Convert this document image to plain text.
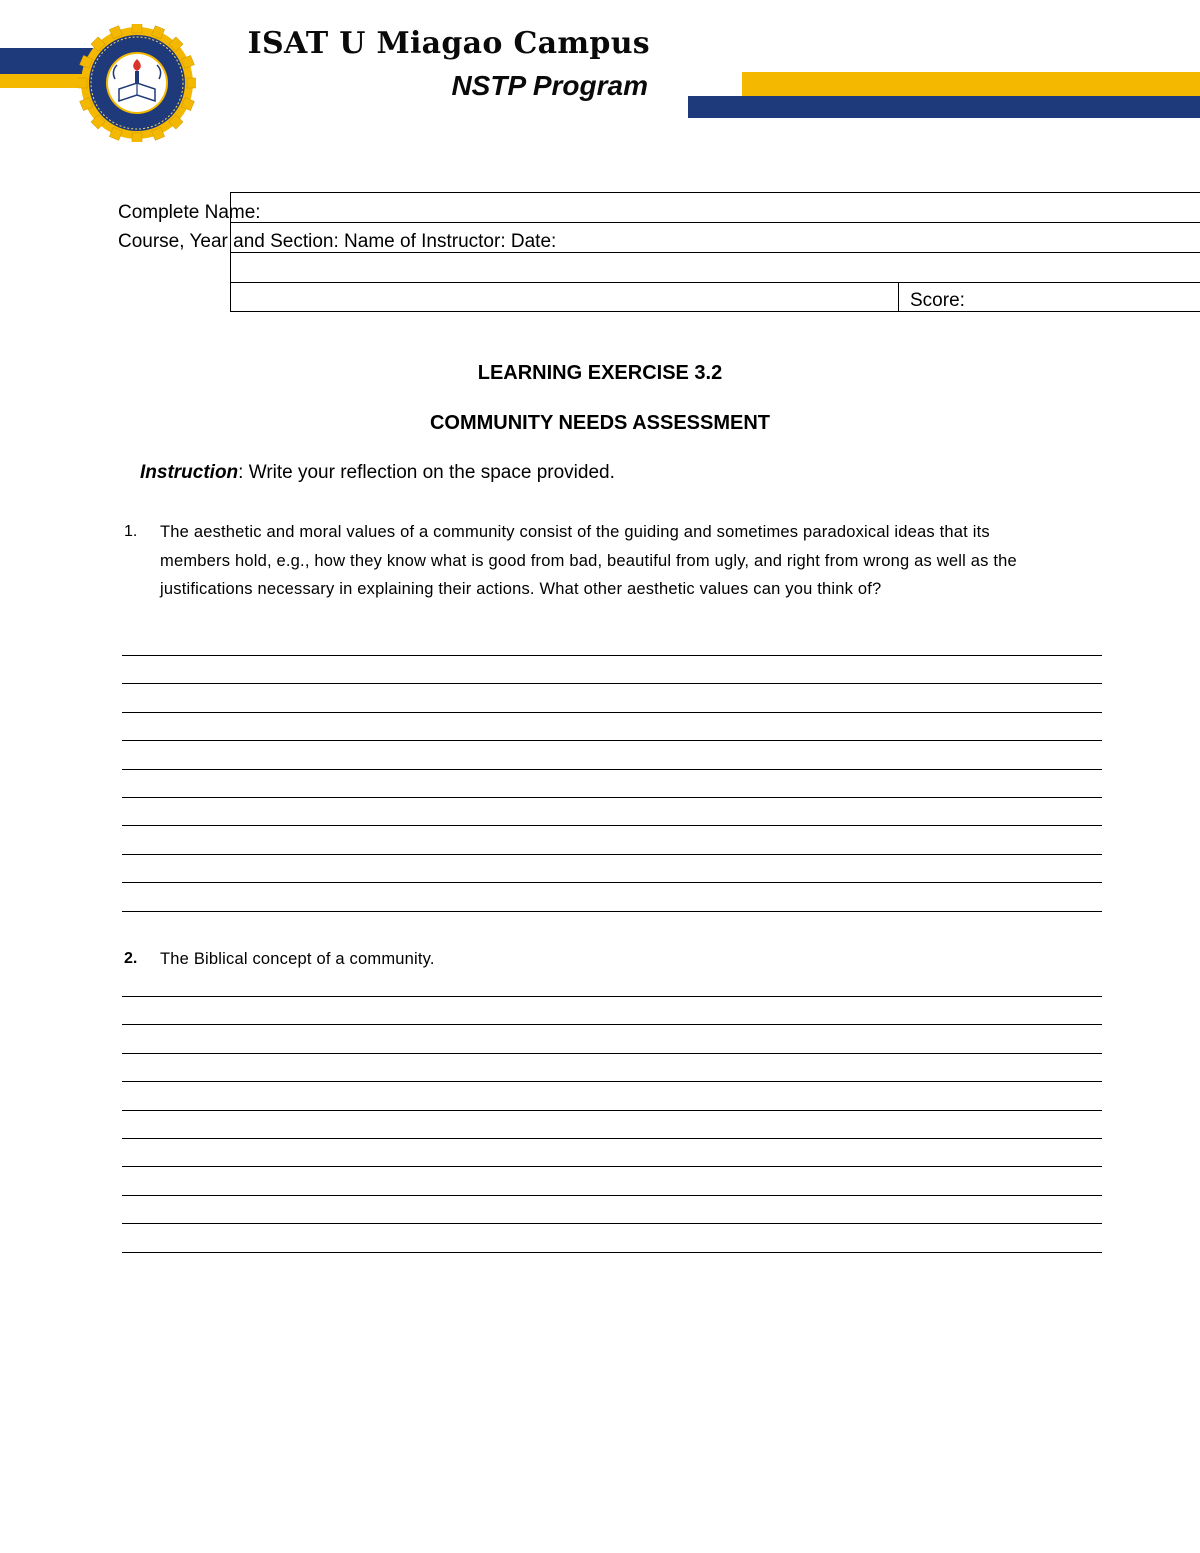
ISAT U Miagao Campus
NSTP Program
Complete Name:
Course, Year and Section: Name of Instructor: Date:
Score:
LEARNING EXERCISE 3.2
COMMUNITY NEEDS ASSESSMENT
Instruction: Write your reflection on the space provided.
1. The aesthetic and moral values of a community consist of the guiding and sometimes paradoxical ideas that its members hold, e.g., how they know what is good from bad, beautiful from ugly, and right from wrong as well as the justifications necessary in explaining their actions. What other aesthetic values can you think of?
2. The Biblical concept of a community.
